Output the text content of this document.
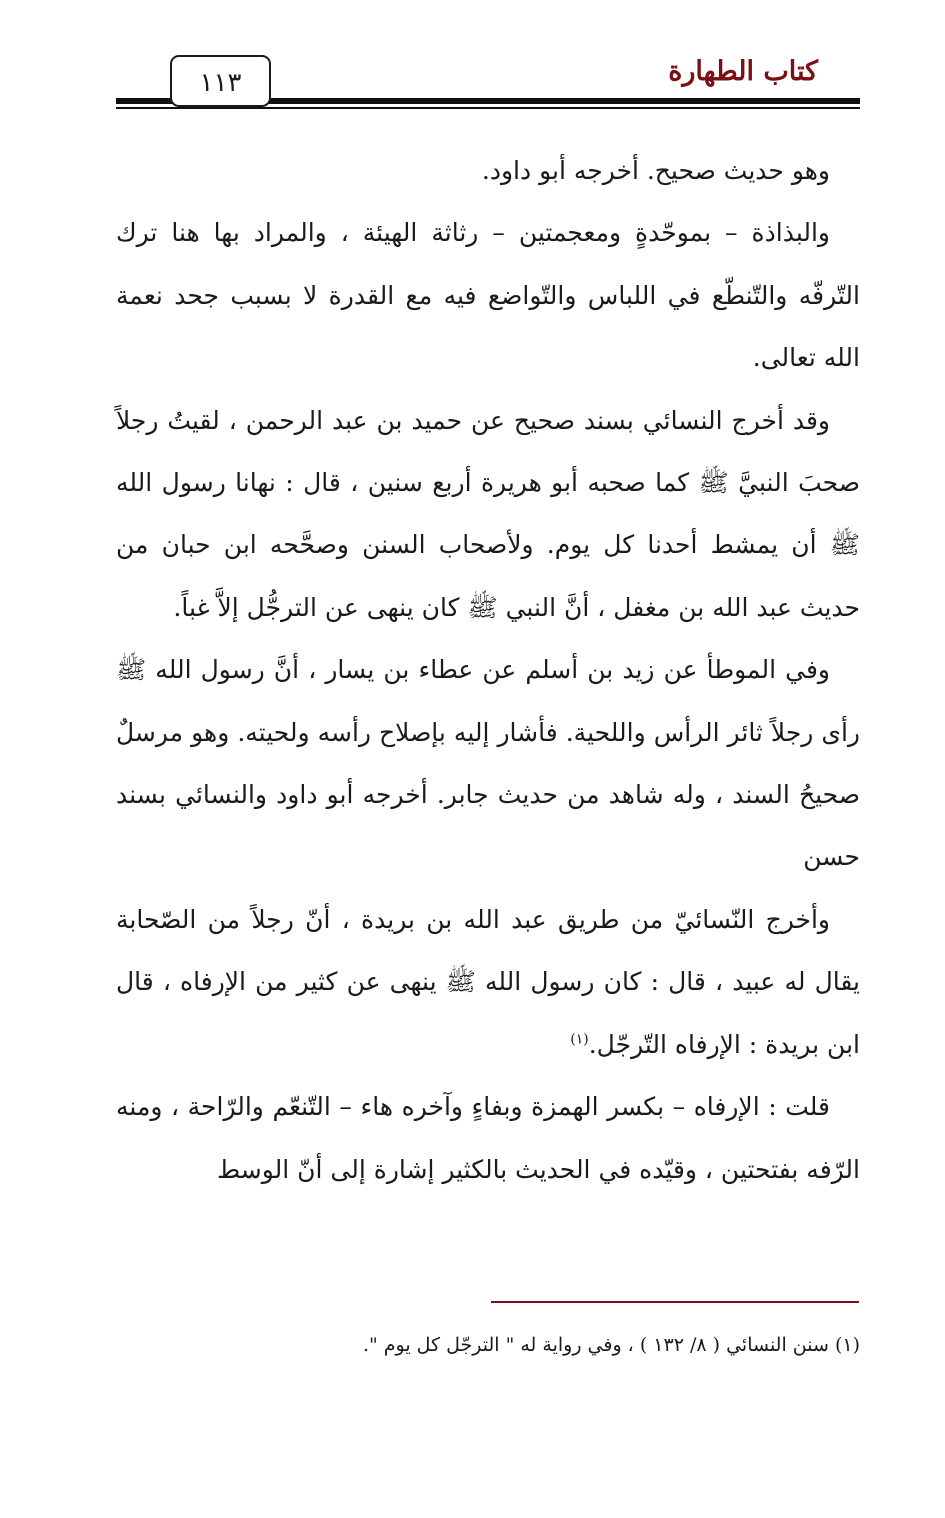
كتاب الطهارة
١١٣

وهو حديث صحيح. أخرجه أبو داود.

والبذاذة – بموحّدةٍ ومعجمتين – رثاثة الهيئة ، والمراد بها هنا ترك التّرفّه والتّنطّع في اللباس والتّواضع فيه مع القدرة لا بسبب جحد نعمة الله تعالى.

وقد أخرج النسائي بسند صحيح عن حميد بن عبد الرحمن ، لقيتُ رجلاً صحبَ النبيَّ ﷺ كما صحبه أبو هريرة أربع سنين ، قال : نهانا رسول الله ﷺ أن يمشط أحدنا كل يوم. ولأصحاب السنن وصحَّحه ابن حبان من حديث عبد الله بن مغفل ، أنَّ النبي ﷺ كان ينهى عن الترجُّل إلاَّ غباً.

وفي الموطأ عن زيد بن أسلم عن عطاء بن يسار ، أنَّ رسول الله ﷺ رأى رجلاً ثائر الرأس واللحية. فأشار إليه بإصلاح رأسه ولحيته. وهو مرسلٌ صحيحُ السند ، وله شاهد من حديث جابر. أخرجه أبو داود والنسائي بسند حسن

وأخرج النّسائيّ من طريق عبد الله بن بريدة ، أنّ رجلاً من الصّحابة يقال له عبيد ، قال : كان رسول الله ﷺ ينهى عن كثير من الإرفاه ، قال ابن بريدة : الإرفاه التّرجّل.$^{(١)}$

قلت : الإرفاه – بكسر الهمزة وبفاءٍ وآخره هاء – التّنعّم والرّاحة ، ومنه الرّفه بفتحتين ، وقيّده في الحديث بالكثير إشارة إلى أنّ الوسط

(١) سنن النسائي ( ٨/ ١٣٢ ) ، وفي رواية له " الترجّل كل يوم ".
